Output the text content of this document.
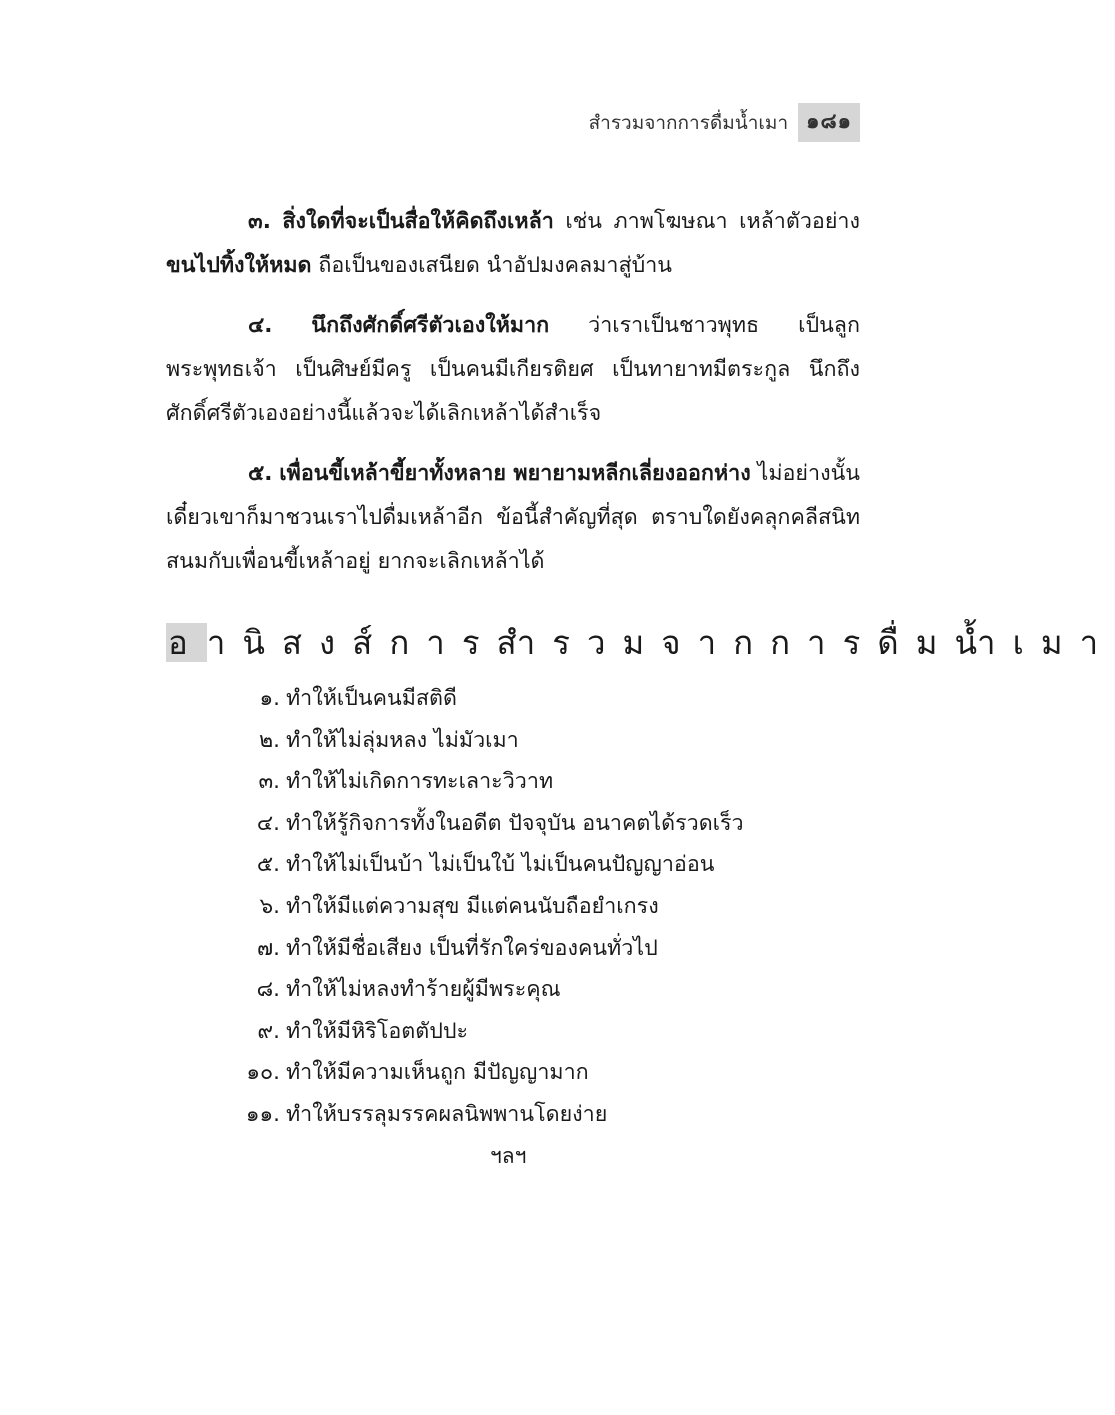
สำรวมจากการดื่มน้ำเมา ๑๘๑

๓. สิ่งใดที่จะเป็นสื่อให้คิดถึงเหล้า เช่น ภาพโฆษณา เหล้าตัวอย่าง ขนไปทิ้งให้หมด ถือเป็นของเสนียด นำอัปมงคลมาสู่บ้าน

๔. นึกถึงศักดิ์ศรีตัวเองให้มาก ว่าเราเป็นชาวพุทธ เป็นลูกพระพุทธเจ้า เป็นศิษย์มีครู เป็นคนมีเกียรติยศ เป็นทายาทมีตระกูล นึกถึงศักดิ์ศรีตัวเองอย่างนี้แล้วจะได้เลิกเหล้าได้สำเร็จ

๕. เพื่อนขี้เหล้าขี้ยาทั้งหลาย พยายามหลีกเลี่ยงออกห่าง ไม่อย่างนั้นเดี๋ยวเขาก็มาชวนเราไปดื่มเหล้าอีก ข้อนี้สำคัญที่สุด ตราบใดยังคลุกคลีสนิทสนมกับเพื่อนขี้เหล้าอยู่ ยากจะเลิกเหล้าได้

อานิสงส์การสำรวมจากการดื่มน้ำเมา
๑. ทำให้เป็นคนมีสติดี
๒. ทำให้ไม่ลุ่มหลง ไม่มัวเมา
๓. ทำให้ไม่เกิดการทะเลาะวิวาท
๔. ทำให้รู้กิจการทั้งในอดีต ปัจจุบัน อนาคตได้รวดเร็ว
๕. ทำให้ไม่เป็นบ้า ไม่เป็นใบ้ ไม่เป็นคนปัญญาอ่อน
๖. ทำให้มีแต่ความสุข มีแต่คนนับถือยำเกรง
๗. ทำให้มีชื่อเสียง เป็นที่รักใคร่ของคนทั่วไป
๘. ทำให้ไม่หลงทำร้ายผู้มีพระคุณ
๙. ทำให้มีหิริโอตตัปปะ
๑๐. ทำให้มีความเห็นถูก มีปัญญามาก
๑๑. ทำให้บรรลุมรรคผลนิพพานโดยง่าย
ฯลฯ
